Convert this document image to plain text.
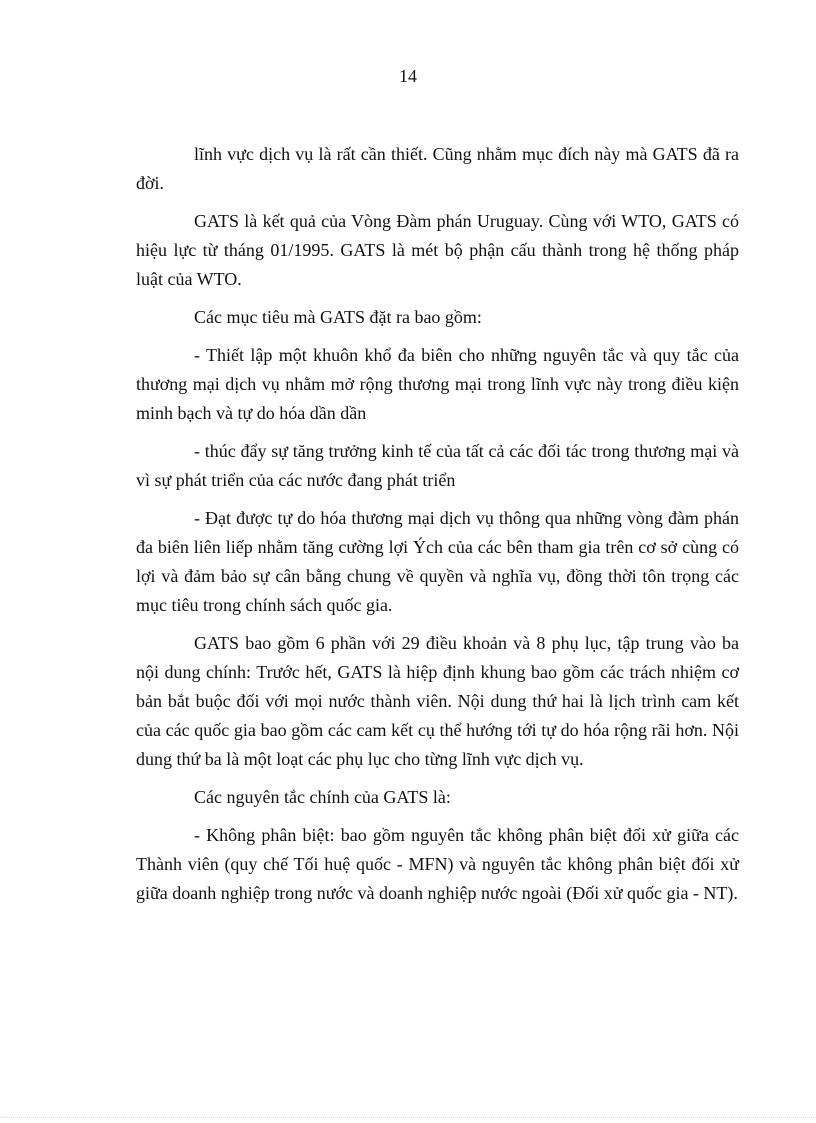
14

lĩnh vực dịch vụ là rất cần thiết. Cũng nhằm mục đích này mà GATS đã ra đời.

GATS là kết quả của Vòng Đàm phán Uruguay. Cùng với WTO, GATS có hiệu lực từ tháng 01/1995. GATS là mét bộ phận cấu thành trong hệ thống pháp luật của WTO.

Các mục tiêu mà GATS đặt ra bao gồm:

- Thiết lập một khuôn khổ đa biên cho những nguyên tắc và quy tắc của thương mại dịch vụ nhằm mở rộng thương mại trong lĩnh vực này trong điều kiện minh bạch và tự do hóa dần dần

- thúc đẩy sự tăng trưởng kinh tế của tất cả các đối tác trong thương mại và vì sự phát triển của các nước đang phát triển

- Đạt được tự do hóa thương mại dịch vụ thông qua những vòng đàm phán đa biên liên liếp nhằm tăng cường lợi Ých của các bên tham gia trên cơ sở cùng có lợi và đảm bảo sự cân bằng chung về quyền và nghĩa vụ, đồng thời tôn trọng các mục tiêu trong chính sách quốc gia.

GATS bao gồm 6 phần với 29 điều khoản và 8 phụ lục, tập trung vào ba nội dung chính: Trước hết, GATS là hiệp định khung bao gồm các trách nhiệm cơ bản bắt buộc đối với mọi nước thành viên. Nội dung thứ hai là lịch trình cam kết của các quốc gia bao gồm các cam kết cụ thể hướng tới tự do hóa rộng rãi hơn. Nội dung thứ ba là một loạt các phụ lục cho từng lĩnh vực dịch vụ.

Các nguyên tắc chính của GATS là:

- Không phân biệt: bao gồm nguyên tắc không phân biệt đối xử giữa các Thành viên (quy chế Tối huệ quốc - MFN) và nguyên tắc không phân biệt đối xử giữa doanh nghiệp trong nước và doanh nghiệp nước ngoài (Đối xử quốc gia - NT).
